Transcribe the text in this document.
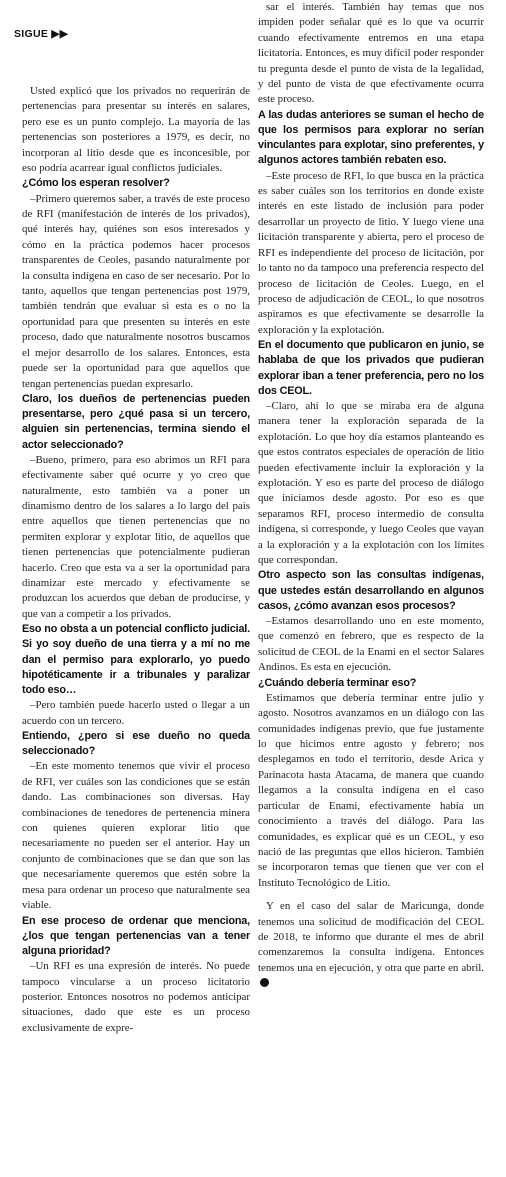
SIGUE ▶▶

Usted explicó que los privados no requerirán de pertenencias para presentar su interés en salares, pero ese es un punto complejo. La mayoría de las pertenencias son posteriores a 1979, es decir, no incorporan al litio desde que es inconcesible, por eso podría acarrear igual conflictos judiciales.

¿Cómo los esperan resolver?

–Primero queremos saber, a través de este proceso de RFI (manifestación de interés de los privados), qué interés hay, quiénes son esos interesados y cómo en la práctica podemos hacer procesos transparentes de Ceoles, pasando naturalmente por la consulta indígena en caso de ser necesario. Por lo tanto, aquellos que tengan pertenencias post 1979, también tendrán que evaluar si esta es o no la oportunidad para que presenten su interés en este proceso, dado que naturalmente nosotros buscamos el mejor desarrollo de los salares. Entonces, esta puede ser la oportunidad para que aquellos que tengan pertenencias puedan expresarlo.

Claro, los dueños de pertenencias pueden presentarse, pero ¿qué pasa si un tercero, alguien sin pertenencias, termina siendo el actor seleccionado?

–Bueno, primero, para eso abrimos un RFI para efectivamente saber qué ocurre y yo creo que naturalmente, esto también va a poner un dinamismo dentro de los salares a lo largo del país entre aquellos que tienen pertenencias que no permiten explorar y explotar litio, de aquellos que tienen pertenencias que potencialmente pudieran hacerlo. Creo que esta va a ser la oportunidad para dinamizar este mercado y efectivamente se produzcan los acuerdos que deban de producirse, y que van a competir a los privados.

Eso no obsta a un potencial conflicto judicial. Si yo soy dueño de una tierra y a mí no me dan el permiso para explorarlo, yo puedo hipotéticamente ir a tribunales y paralizar todo eso…

–Pero también puede hacerlo usted o llegar a un acuerdo con un tercero.

Entiendo, ¿pero si ese dueño no queda seleccionado?

–En este momento tenemos que vivir el proceso de RFI, ver cuáles son las condiciones que se están dando. Las combinaciones son diversas. Hay combinaciones de tenedores de pertenencia minera con quienes quieren explorar litio que necesariamente no pueden ser el anterior. Hay un conjunto de combinaciones que se dan que son las que necesariamente queremos que estén sobre la mesa para ordenar un proceso que naturalmente sea viable.

En ese proceso de ordenar que menciona, ¿los que tengan pertenencias van a tener alguna prioridad?

–Un RFI es una expresión de interés. No puede tampoco vincularse a un proceso licitatorio posterior. Entonces nosotros no podemos anticipar situaciones, dado que este es un proceso exclusivamente de expre-

sar el interés. También hay temas que nos impiden poder señalar qué es lo que va ocurrir cuando efectivamente entremos en una etapa licitatoria. Entonces, es muy difícil poder responder tu pregunta desde el punto de vista de la legalidad, y del punto de vista de que efectivamente ocurra este proceso.

A las dudas anteriores se suman el hecho de que los permisos para explorar no serían vinculantes para explotar, sino preferentes, y algunos actores también rebaten eso.

–Este proceso de RFI, lo que busca en la práctica es saber cuáles son los territorios en donde existe interés en este listado de inclusión para poder desarrollar un proyecto de litio. Y luego viene una licitación transparente y abierta, pero el proceso de RFI es independiente del proceso de licitación, por lo tanto no da tampoco una preferencia respecto del proceso de licitación de Ceoles. Luego, en el proceso de adjudicación de CEOL, lo que nosotros aspiramos es que efectivamente se desarrolle la exploración y la explotación.

En el documento que publicaron en junio, se hablaba de que los privados que pudieran explorar iban a tener preferencia, pero no los dos CEOL.

–Claro, ahí lo que se miraba era de alguna manera tener la exploración separada de la explotación. Lo que hoy día estamos planteando es que estos contratos especiales de operación de litio pueden efectivamente incluir la exploración y la explotación. Y eso es parte del proceso de diálogo que iniciamos desde agosto. Por eso es que separamos RFI, proceso intermedio de consulta indígena, si corresponde, y luego Ceoles que vayan a la exploración y a la explotación con los límites que correspondan.

Otro aspecto son las consultas indígenas, que ustedes están desarrollando en algunos casos, ¿cómo avanzan esos procesos?

–Estamos desarrollando uno en este momento, que comenzó en febrero, que es respecto de la solicitud de CEOL de la Enami en el sector Salares Andinos. Es esta en ejecución.

¿Cuándo debería terminar eso?

Estimamos que debería terminar entre julio y agosto. Nosotros avanzamos en un diálogo con las comunidades indígenas previo, que fue justamente lo que hicimos entre agosto y febrero; nos desplegamos en todo el territorio, desde Arica y Parinacota hasta Atacama, de manera que cuando llegamos a la consulta indígena en el caso particular de Enami, efectivamente había un conocimiento a través del diálogo. Para las comunidades, es explicar qué es un CEOL, y eso nació de las preguntas que ellos hicieron. También se incorporaron temas que tienen que ver con el Instituto Tecnológico de Litio.

Y en el caso del salar de Maricunga, donde tenemos una solicitud de modificación del CEOL de 2018, te informo que durante el mes de abril comenzaremos la consulta indígena. Entonces tenemos una en ejecución, y otra que parte en abril.
